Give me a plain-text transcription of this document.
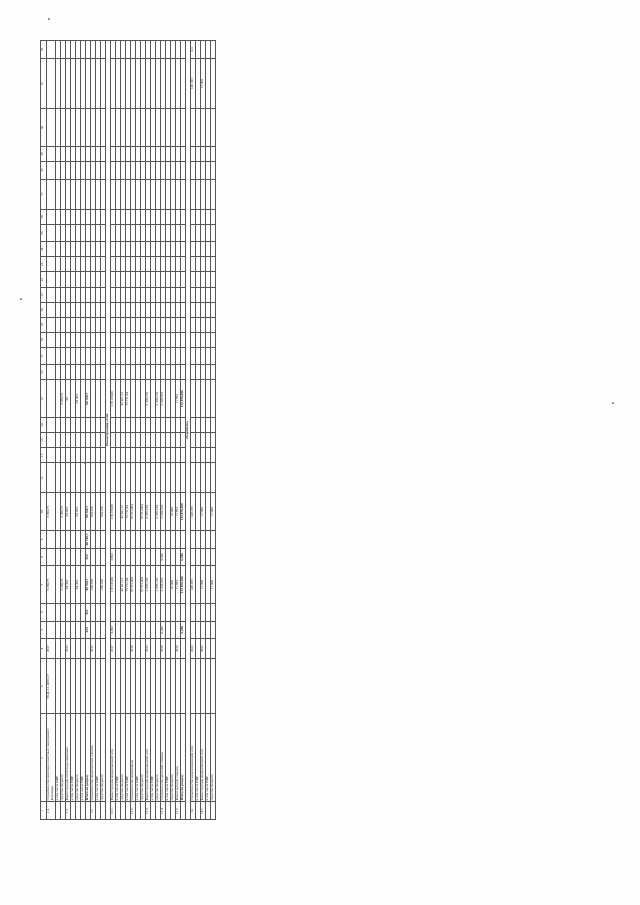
1	2	3	4	5	6	7	8	9	10	11	12	13	14	15	16	17	18	19	20	21	22	23	24	25	26	27	28	29	30	31	32
1.4.	Строительство комплекса очистных сооружений с. Березовка	38-Ц-2-1-0053-17	2017			3 290,75			3 290,75																						
	в том числе ПИР																														
	средства бюджета					3 290,75			3 290,75					3 290,75																	
1.5.	Реконструкция сетей водоснабжения		2017			94 363			94 363					80																	
	в том числе ПИР																														
	средства бюджета					94 363			94 363					94 363																	
	в том числе ПИР																														
	Итого по разделу			453	453	98 769,7	453	98 769,7	98 769,7					98 769,7																	
12.	Строительство водоочистной станции		2017			160 326			160 326																						
	в том числе ПИР																														
	средства бюджета					160 326			160 326																						
Реконструкция сетей																															
12.1.	Реконструкция водопроводной сети		2017	3,962		118 133,06	3,962		118 133,06					118 133,06																	
	в том числе ПИР																														
	средства бюджета					42 421,12			42 421,12					42 421,12																	
	в том числе ПИР					75 711,94			75 711,94					75 711,94																	
12.2.	Строительство водопровода		2016			19 571,463			19 571,463																						
	в том числе ПИР																														
	средства бюджета					19 571,463			19 571,463																						
12.3.	Реконструкция водопроводной сети		2017			2 376,120			2 376,120					2 376,120																	
	в том числе ПИР																														
	средства бюджета					2 376,120			2 376,120					2 376,120																	
12.4.	Строительство насосной станции		2016	0,345		2 228,910	0,345		2 228,910					2 228,910																	
	в том числе ПИР																														
	средства бюджета					10 000			10 000																						
12.5.	Реконструкция станции		2016			11 993			11 993					11 993																	
	Итого по разделу			6,286		133 076,496	6,286		133 076,496					133 076,496																	
Разработка																															
14.	Строительство канализационной сети		2022			149 295			149 295																					149 295	0,3
	в том числе ПИР																														
14.1.	Реконструкция водопроводной сети		2022			17 000			17 000																					17 000	
	в том числе ПИР																														
	средства бюджета					17 000			17 000																						
